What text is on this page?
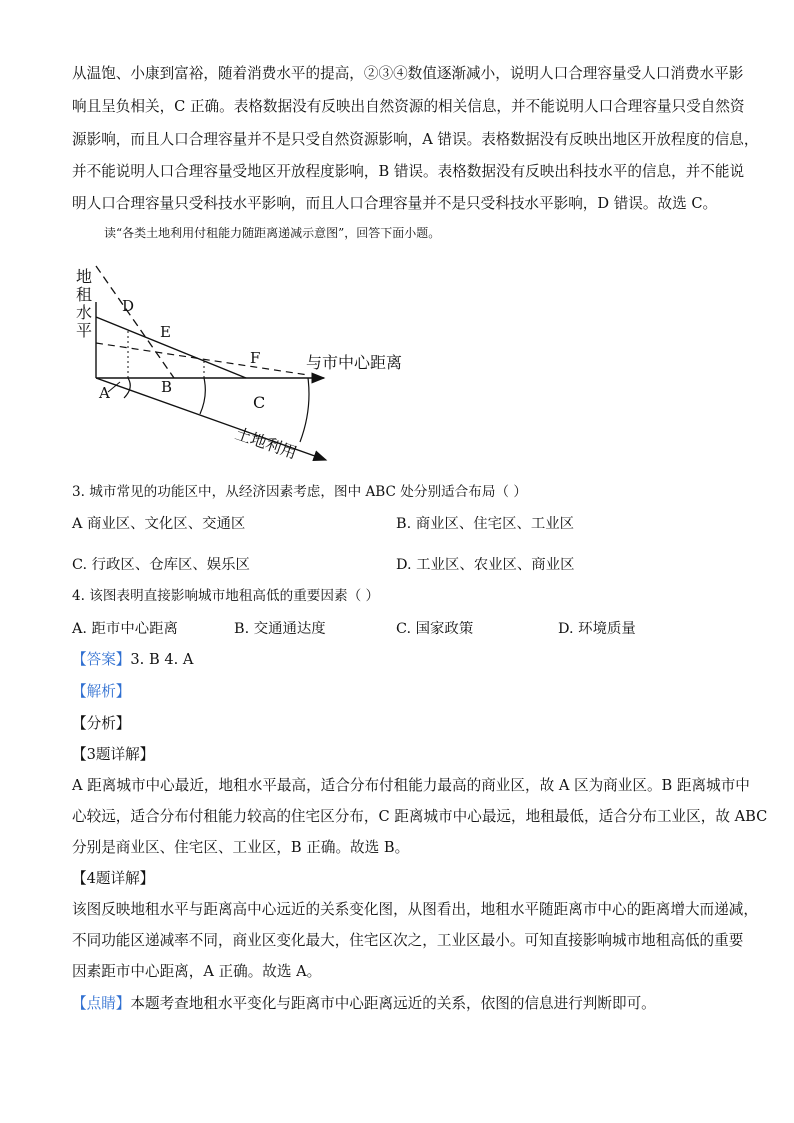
从温饱、小康到富裕，随着消费水平的提高，②③④数值逐渐减小，说明人口合理容量受人口消费水平影
响且呈负相关，C 正确。表格数据没有反映出自然资源的相关信息，并不能说明人口合理容量只受自然资
源影响，而且人口合理容量并不是只受自然资源影响，A 错误。表格数据没有反映出地区开放程度的信息，
并不能说明人口合理容量受地区开放程度影响，B 错误。表格数据没有反映出科技水平的信息，并不能说
明人口合理容量只受科技水平影响，而且人口合理容量并不是只受科技水平影响，D 错误。故选 C。
读“各类土地利用付租能力随距离递减示意图”，回答下面小题。
地
租
水
平
D
E
F
A	B
C
与市中心距离
土地利用
3. 城市常见的功能区中，从经济因素考虑，图中 ABC 处分别适合布局（ ）
A 商业区、文化区、交通区	B. 商业区、住宅区、工业区
C. 行政区、仓库区、娱乐区	D. 工业区、农业区、商业区
4. 该图表明直接影响城市地租高低的重要因素（ ）
A. 距市中心距离	B. 交通通达度	C. 国家政策	D. 环境质量
【答案】3. B 4. A
【解析】
【分析】
【3题详解】
A 距离城市中心最近，地租水平最高，适合分布付租能力最高的商业区，故 A 区为商业区。B 距离城市中
心较远，适合分布付租能力较高的住宅区分布，C 距离城市中心最远，地租最低，适合分布工业区，故 ABC
分别是商业区、住宅区、工业区，B 正确。故选 B。
【4题详解】
该图反映地租水平与距离高中心远近的关系变化图，从图看出，地租水平随距离市中心的距离增大而递减，
不同功能区递减率不同，商业区变化最大，住宅区次之，工业区最小。可知直接影响城市地租高低的重要
因素距市中心距离，A 正确。故选 A。
【点睛】本题考查地租水平变化与距离市中心距离远近的关系，依图的信息进行判断即可。
